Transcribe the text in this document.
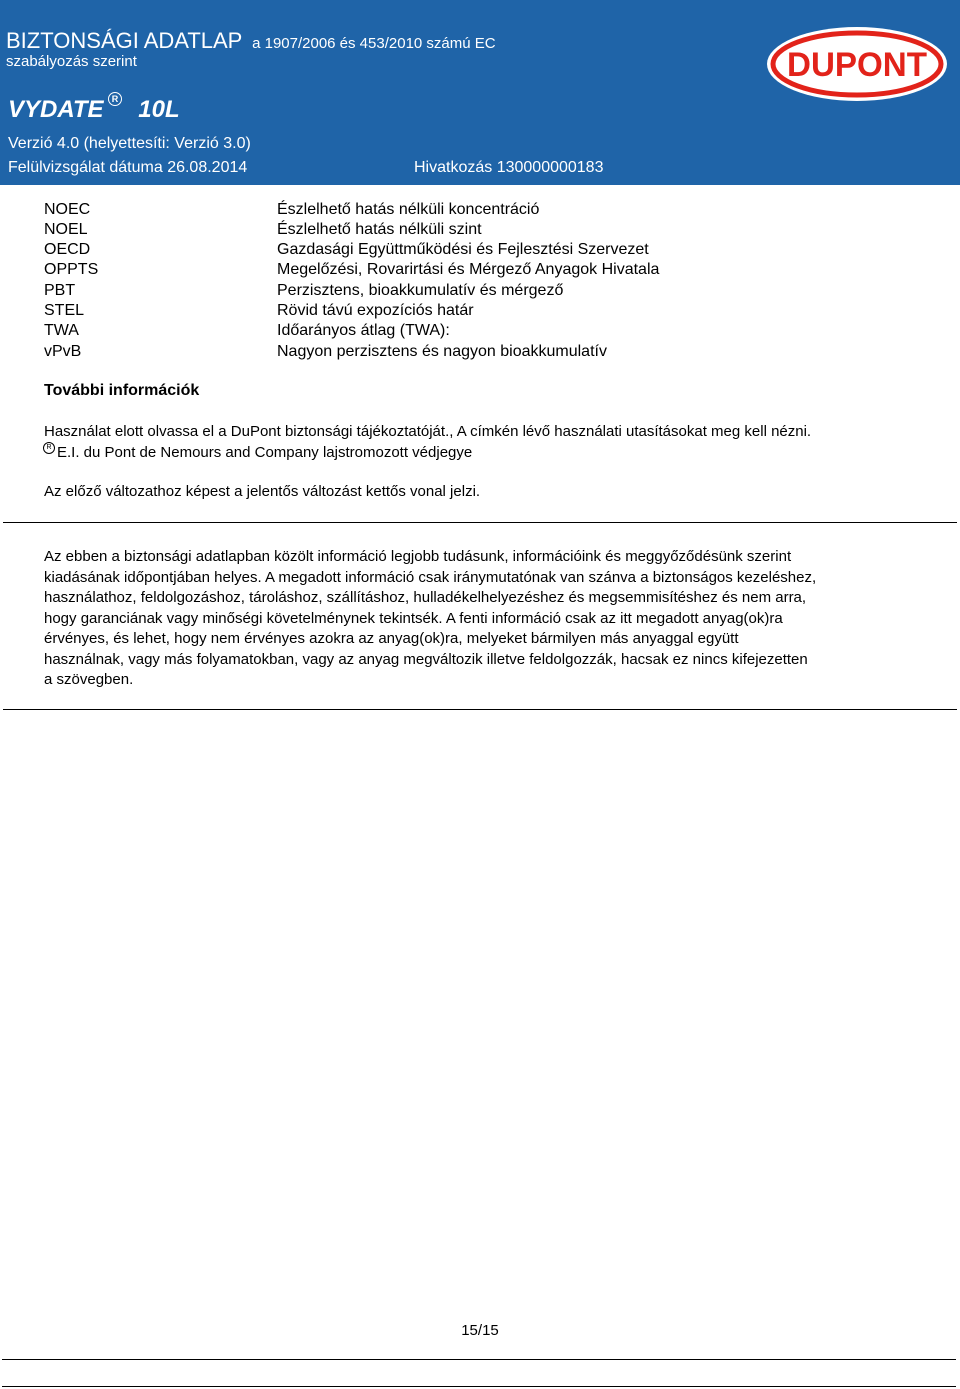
BIZTONSÁGI ADATLAP a 1907/2006 és 453/2010 számú EC
szabályozás szerint
VYDATE R 10L
Verzió 4.0 (helyettesíti: Verzió 3.0)
Felülvizsgálat dátuma 26.08.2014	Hivatkozás 130000000183
DUPONT
NOEC	Észlelhető hatás nélküli koncentráció
NOEL	Észlelhető hatás nélküli szint
OECD	Gazdasági Együttműködési és Fejlesztési Szervezet
OPPTS	Megelőzési, Rovarirtási és Mérgező Anyagok Hivatala
PBT	Perzisztens, bioakkumulatív és mérgező
STEL	Rövid távú expozíciós határ
TWA	Időarányos átlag (TWA):
vPvB	Nagyon perzisztens és nagyon bioakkumulatív
További információk
Használat elott olvassa el a DuPont biztonsági tájékoztatóját., A címkén lévő használati utasításokat meg kell nézni.
R E.I. du Pont de Nemours and Company lajstromozott védjegye
Az előző változathoz képest a jelentős változást kettős vonal jelzi.
Az ebben a biztonsági adatlapban közölt információ legjobb tudásunk, információink és meggyőződésünk szerint
kiadásának időpontjában helyes. A megadott információ csak iránymutatónak van szánva a biztonságos kezeléshez,
használathoz, feldolgozáshoz, tároláshoz, szállításhoz, hulladékelhelyezéshez és megsemmisítéshez és nem arra,
hogy garanciának vagy minőségi követelménynek tekintsék. A fenti információ csak az itt megadott anyag(ok)ra
érvényes, és lehet, hogy nem érvényes azokra az anyag(ok)ra, melyeket bármilyen más anyaggal együtt
használnak, vagy más folyamatokban, vagy az anyag megváltozik illetve feldolgozzák, hacsak ez nincs kifejezetten
a szövegben.
15/15
